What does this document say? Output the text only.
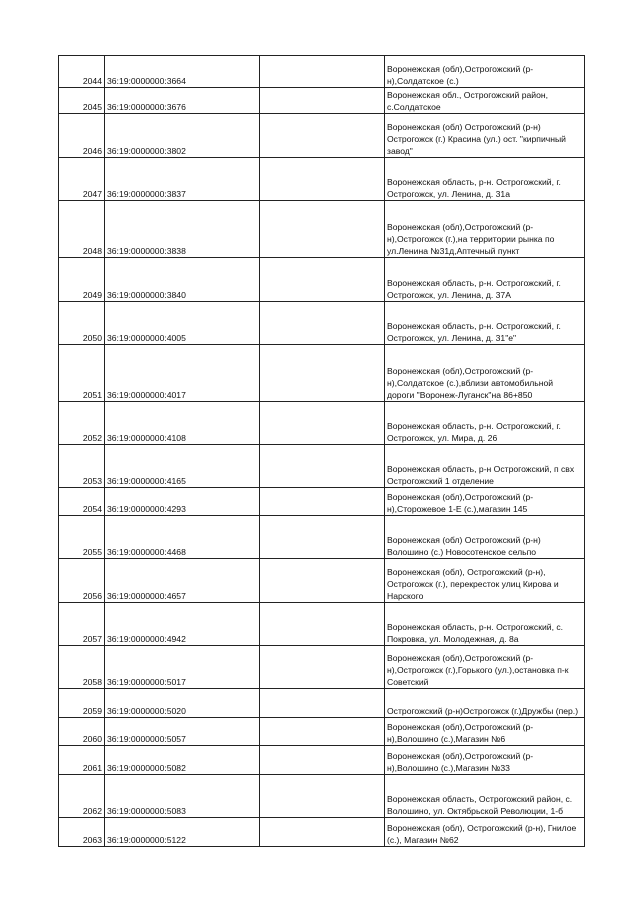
2044	36:19:0000000:3664		Воронежская (обл),Острогожский (р-н),Солдатское (с.)
2045	36:19:0000000:3676		Воронежская обл., Острогожский район, с.Солдатское
2046	36:19:0000000:3802		Воронежская (обл) Острогожский (р-н) Острогожск (г.) Красина (ул.) ост. "кирпичный завод"
2047	36:19:0000000:3837		Воронежская область, р-н. Острогожский, г. Острогожск, ул. Ленина, д. 31а
2048	36:19:0000000:3838		Воронежская (обл),Острогожский (р-н),Острогожск (г.),на территории рынка по ул.Ленина №31д,Аптечный пункт
2049	36:19:0000000:3840		Воронежская область, р-н. Острогожский, г. Острогожск, ул. Ленина, д. 37А
2050	36:19:0000000:4005		Воронежская область, р-н. Острогожский, г. Острогожск, ул. Ленина, д. 31"е"
2051	36:19:0000000:4017		Воронежская (обл),Острогожский (р-н),Солдатское (с.),вблизи автомобильной дороги "Воронеж-Луганск"на 86+850
2052	36:19:0000000:4108		Воронежская область, р-н. Острогожский, г. Острогожск, ул. Мира, д. 26
2053	36:19:0000000:4165		Воронежская область, р-н Острогожский, п свх Острогожский 1 отделение
2054	36:19:0000000:4293		Воронежская (обл),Острогожский (р-н),Сторожевое 1-Е (с.),магазин 145
2055	36:19:0000000:4468		Воронежская (обл) Острогожский (р-н) Волошино (с.) Новосотенское сельпо
2056	36:19:0000000:4657		Воронежская (обл), Острогожский (р-н), Острогожск (г.), перекресток улиц Кирова и Нарского
2057	36:19:0000000:4942		Воронежская область, р-н. Острогожский, с. Покровка, ул. Молодежная, д. 8а
2058	36:19:0000000:5017		Воронежская (обл),Острогожский (р-н),Острогожск (г.),Горького (ул.),остановка п-к Советский
2059	36:19:0000000:5020		Острогожский (р-н)Острогожск (г.)Дружбы (пер.)
2060	36:19:0000000:5057		Воронежская (обл),Острогожский (р-н),Волошино (с.),Магазин №6
2061	36:19:0000000:5082		Воронежская (обл),Острогожский (р-н),Волошино (с.),Магазин №33
2062	36:19:0000000:5083		Воронежская область, Острогожский район, с. Волошино, ул. Октябрьской Революции, 1-б
2063	36:19:0000000:5122		Воронежская (обл), Острогожский (р-н), Гнилое (с.), Магазин №62
